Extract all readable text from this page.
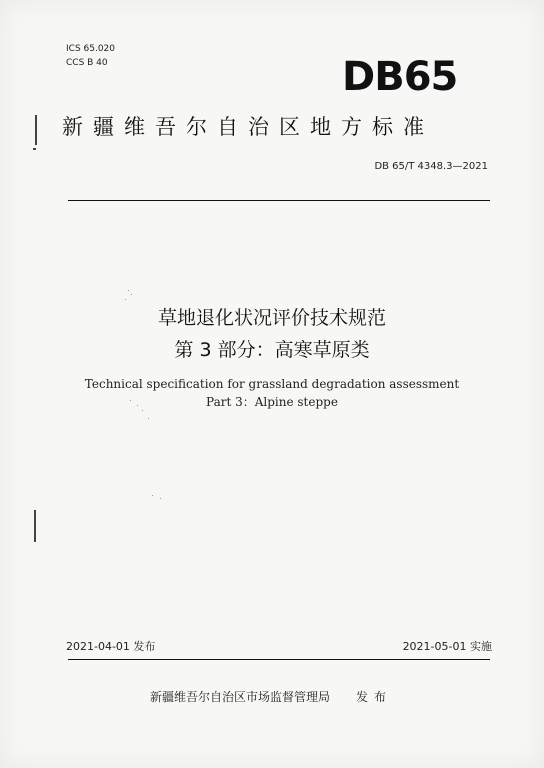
ICS 65.020
CCS B 40	DB65
新疆维吾尔自治区地方标准
DB 65/T 4348.3—2021
草地退化状况评价技术规范
第 3 部分：高寒草原类
Technical specification for grassland degradation assessment
Part 3：Alpine steppe
2021-04-01 发布	2021-05-01 实施
新疆维吾尔自治区市场监督管理局 发布
